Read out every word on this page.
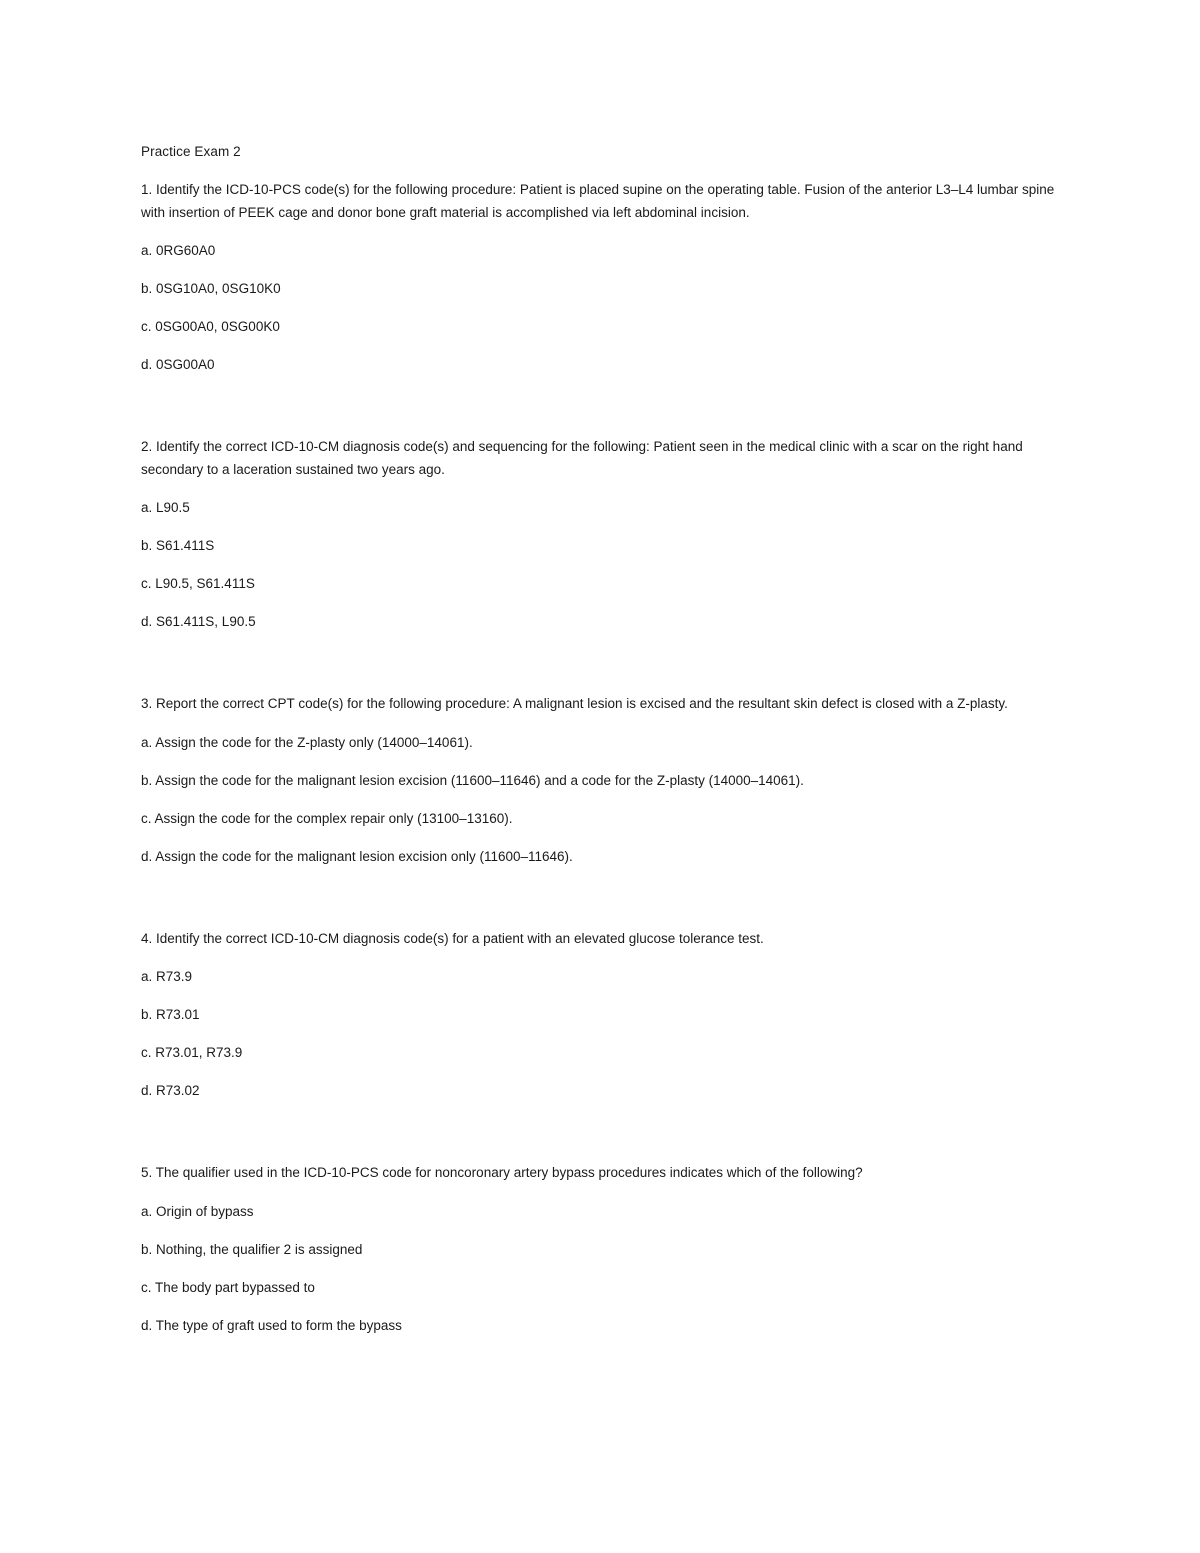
Practice Exam 2
1. Identify the ICD-10-PCS code(s) for the following procedure: Patient is placed supine on the operating table. Fusion of the anterior L3–L4 lumbar spine with insertion of PEEK cage and donor bone graft material is accomplished via left abdominal incision.
a. 0RG60A0
b. 0SG10A0, 0SG10K0
c. 0SG00A0, 0SG00K0
d. 0SG00A0
2. Identify the correct ICD-10-CM diagnosis code(s) and sequencing for the following: Patient seen in the medical clinic with a scar on the right hand secondary to a laceration sustained two years ago.
a. L90.5
b. S61.411S
c. L90.5, S61.411S
d. S61.411S, L90.5
3. Report the correct CPT code(s) for the following procedure: A malignant lesion is excised and the resultant skin defect is closed with a Z-plasty.
a. Assign the code for the Z-plasty only (14000–14061).
b. Assign the code for the malignant lesion excision (11600–11646) and a code for the Z-plasty (14000–14061).
c. Assign the code for the complex repair only (13100–13160).
d. Assign the code for the malignant lesion excision only (11600–11646).
4. Identify the correct ICD-10-CM diagnosis code(s) for a patient with an elevated glucose tolerance test.
a. R73.9
b. R73.01
c. R73.01, R73.9
d. R73.02
5. The qualifier used in the ICD-10-PCS code for noncoronary artery bypass procedures indicates which of the following?
a. Origin of bypass
b. Nothing, the qualifier 2 is assigned
c. The body part bypassed to
d. The type of graft used to form the bypass
